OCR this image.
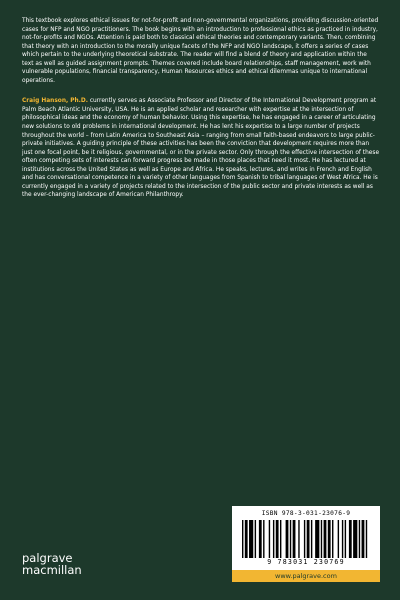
This textbook explores ethical issues for not-for-profit and non-governmental organizations, providing discussion-oriented cases for NFP and NGO practitioners. The book begins with an introduction to professional ethics as practiced in industry, not-for-profits and NGOs. Attention is paid both to classical ethical theories and contemporary variants. Then, combining that theory with an introduction to the morally unique facets of the NFP and NGO landscape, it offers a series of cases which pertain to the underlying theoretical substrate. The reader will find a blend of theory and application within the text as well as guided assignment prompts. Themes covered include board relationships, staff management, work with vulnerable populations, financial transparency, Human Resources ethics and ethical dilemmas unique to international operations.

Craig Hanson, Ph.D. currently serves as Associate Professor and Director of the International Development program at Palm Beach Atlantic University, USA. He is an applied scholar and researcher with expertise at the intersection of philosophical ideas and the economy of human behavior. Using this expertise, he has engaged in a career of articulating new solutions to old problems in international development. He has lent his expertise to a large number of projects throughout the world – from Latin America to Southeast Asia – ranging from small faith-based endeavors to large public-private initiatives. A guiding principle of these activities has been the conviction that development requires more than just one focal point, be it religious, governmental, or in the private sector. Only through the effective intersection of these often competing sets of interests can forward progress be made in those places that need it most. He has lectured at institutions across the United States as well as Europe and Africa. He speaks, lectures, and writes in French and English and has conversational competence in a variety of other languages from Spanish to tribal languages of West Africa. He is currently engaged in a variety of projects related to the intersection of the public sector and private interests as well as the ever-changing landscape of American Philanthropy.

palgrave
macmillan
ISBN 978-3-031-23076-9
9 783031 230769
www.palgrave.com
